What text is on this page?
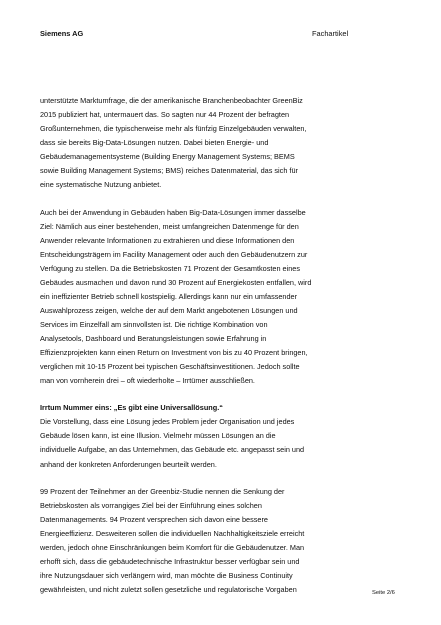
Siemens AG	Fachartikel

unterstützte Marktumfrage, die der amerikanische Branchenbeobachter GreenBiz
2015 publiziert hat, untermauert das. So sagten nur 44 Prozent der befragten
Großunternehmen, die typischerweise mehr als fünfzig Einzelgebäuden verwalten,
dass sie bereits Big-Data-Lösungen nutzen. Dabei bieten Energie- und
Gebäudemanagementsysteme (Building Energy Management Systems; BEMS
sowie Building Management Systems; BMS) reiches Datenmaterial, das sich für
eine systematische Nutzung anbietet.

Auch bei der Anwendung in Gebäuden haben Big-Data-Lösungen immer dasselbe
Ziel: Nämlich aus einer bestehenden, meist umfangreichen Datenmenge für den
Anwender relevante Informationen zu extrahieren und diese Informationen den
Entscheidungsträgern im Facility Management oder auch den Gebäudenutzern zur
Verfügung zu stellen. Da die Betriebskosten 71 Prozent der Gesamtkosten eines
Gebäudes ausmachen und davon rund 30 Prozent auf Energiekosten entfallen, wird
ein ineffizienter Betrieb schnell kostspielig. Allerdings kann nur ein umfassender
Auswahlprozess zeigen, welche der auf dem Markt angebotenen Lösungen und
Services im Einzelfall am sinnvollsten ist. Die richtige Kombination von
Analysetools, Dashboard und Beratungsleistungen sowie Erfahrung in
Effizienzprojekten kann einen Return on Investment von bis zu 40 Prozent bringen,
verglichen mit 10-15 Prozent bei typischen Geschäftsinvestitionen. Jedoch sollte
man von vornherein drei – oft wiederholte – Irrtümer ausschließen.

Irrtum Nummer eins: „Es gibt eine Universallösung.“
Die Vorstellung, dass eine Lösung jedes Problem jeder Organisation und jedes
Gebäude lösen kann, ist eine Illusion. Vielmehr müssen Lösungen an die
individuelle Aufgabe, an das Unternehmen, das Gebäude etc. angepasst sein und
anhand der konkreten Anforderungen beurteilt werden.

99 Prozent der Teilnehmer an der Greenbiz-Studie nennen die Senkung der
Betriebskosten als vorrangiges Ziel bei der Einführung eines solchen
Datenmanagements. 94 Prozent versprechen sich davon eine bessere
Energieeffizienz. Desweiteren sollen die individuellen Nachhaltigkeitsziele erreicht
werden, jedoch ohne Einschränkungen beim Komfort für die Gebäudenutzer. Man
erhofft sich, dass die gebäudetechnische Infrastruktur besser verfügbar sein und
ihre Nutzungsdauer sich verlängern wird, man möchte die Business Continuity
gewährleisten, und nicht zuletzt sollen gesetzliche und regulatorische Vorgaben	Seite 2/6
